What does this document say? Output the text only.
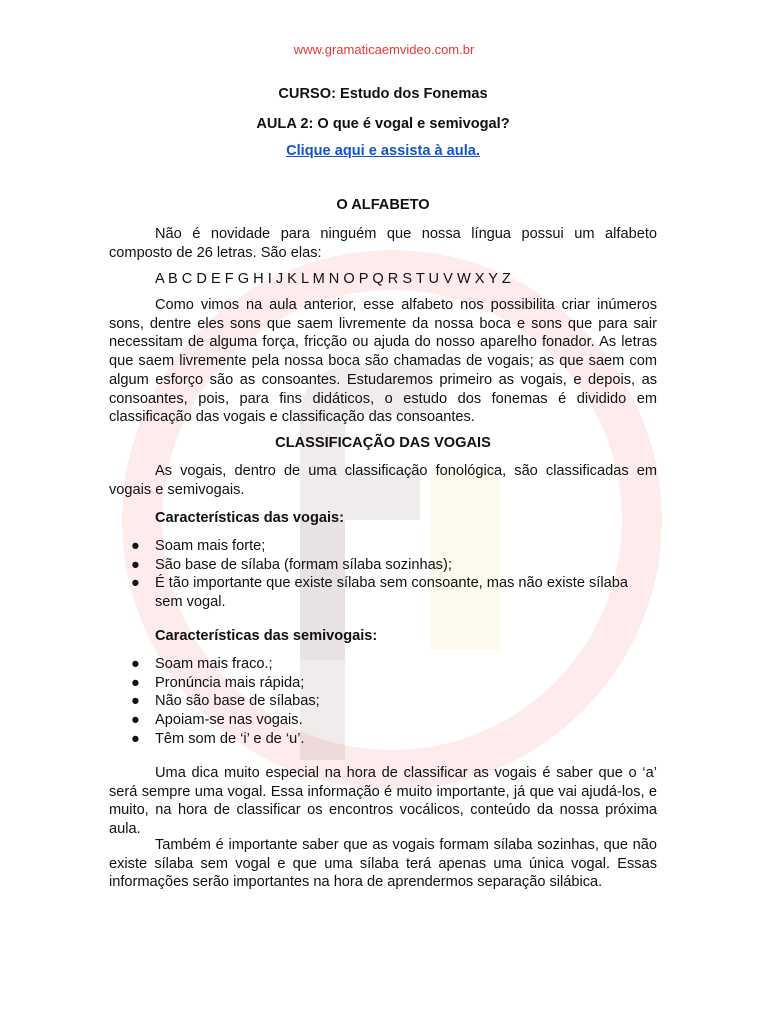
www.gramaticaemvideo.com.br
CURSO: Estudo dos Fonemas
AULA 2: O que é vogal e semivogal?
Clique aqui e assista à aula.
O ALFABETO

Não é novidade para ninguém que nossa língua possui um alfabeto composto de 26 letras. São elas:

A B C D E F G H I J K L M N O P Q R S T U V W X Y Z

Como vimos na aula anterior, esse alfabeto nos possibilita criar inúmeros sons, dentre eles sons que saem livremente da nossa boca e sons que para sair necessitam de alguma força, fricção ou ajuda do nosso aparelho fonador. As letras que saem livremente pela nossa boca são chamadas de vogais; as que saem com algum esforço são as consoantes. Estudaremos primeiro as vogais, e depois, as consoantes, pois, para fins didáticos, o estudo dos fonemas é dividido em classificação das vogais e classificação das consoantes.

CLASSIFICAÇÃO DAS VOGAIS

As vogais, dentro de uma classificação fonológica, são classificadas em vogais e semivogais.

Características das vogais:
● Soam mais forte;
● São base de sílaba (formam sílaba sozinhas);
● É tão importante que existe sílaba sem consoante, mas não existe sílaba sem vogal.
Características das semivogais:
● Soam mais fraco.;
● Pronúncia mais rápida;
● Não são base de sílabas;
● Apoiam-se nas vogais.
● Têm som de ‘i’ e de ‘u’.

Uma dica muito especial na hora de classificar as vogais é saber que o ‘a’ será sempre uma vogal. Essa informação é muito importante, já que vai ajudá-los, e muito, na hora de classificar os encontros vocálicos, conteúdo da nossa próxima aula.

Também é importante saber que as vogais formam sílaba sozinhas, que não existe sílaba sem vogal e que uma sílaba terá apenas uma única vogal. Essas informações serão importantes na hora de aprendermos separação silábica.
